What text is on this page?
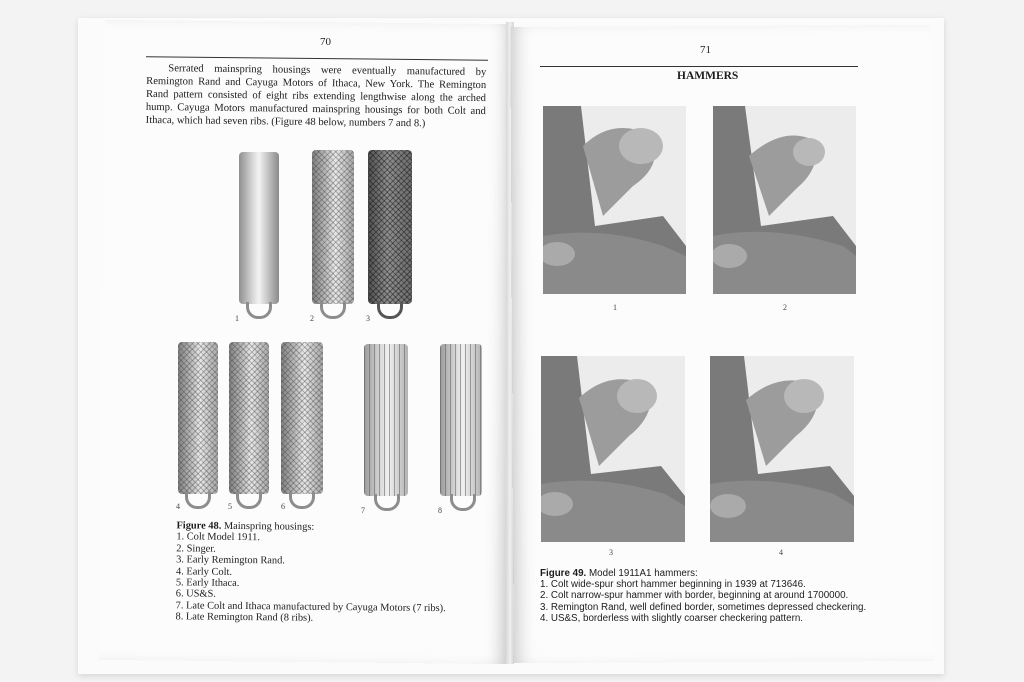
70
Serrated mainspring housings were eventually manufactured by Remington Rand and Cayuga Motors of Ithaca, New York. The Remington Rand pattern consisted of eight ribs extending lengthwise along the arched hump. Cayuga Motors manufactured mainspring housings for both Colt and Ithaca, which had seven ribs. (Figure 48 below, numbers 7 and 8.)
1	2	3
4	5	6	7	8
Figure 48. Mainspring housings:
1. Colt Model 1911.
2. Singer.
3. Early Remington Rand.
4. Early Colt.
5. Early Ithaca.
6. US&S.
7. Late Colt and Ithaca manufactured by Cayuga Motors (7 ribs).
8. Late Remington Rand (8 ribs).
71
HAMMERS
1	2
3	4
Figure 49. Model 1911A1 hammers:
1. Colt wide-spur short hammer beginning in 1939 at 713646.
2. Colt narrow-spur hammer with border, beginning at around 1700000.
3. Remington Rand, well defined border, sometimes depressed checkering.
4. US&S, borderless with slightly coarser checkering pattern.
